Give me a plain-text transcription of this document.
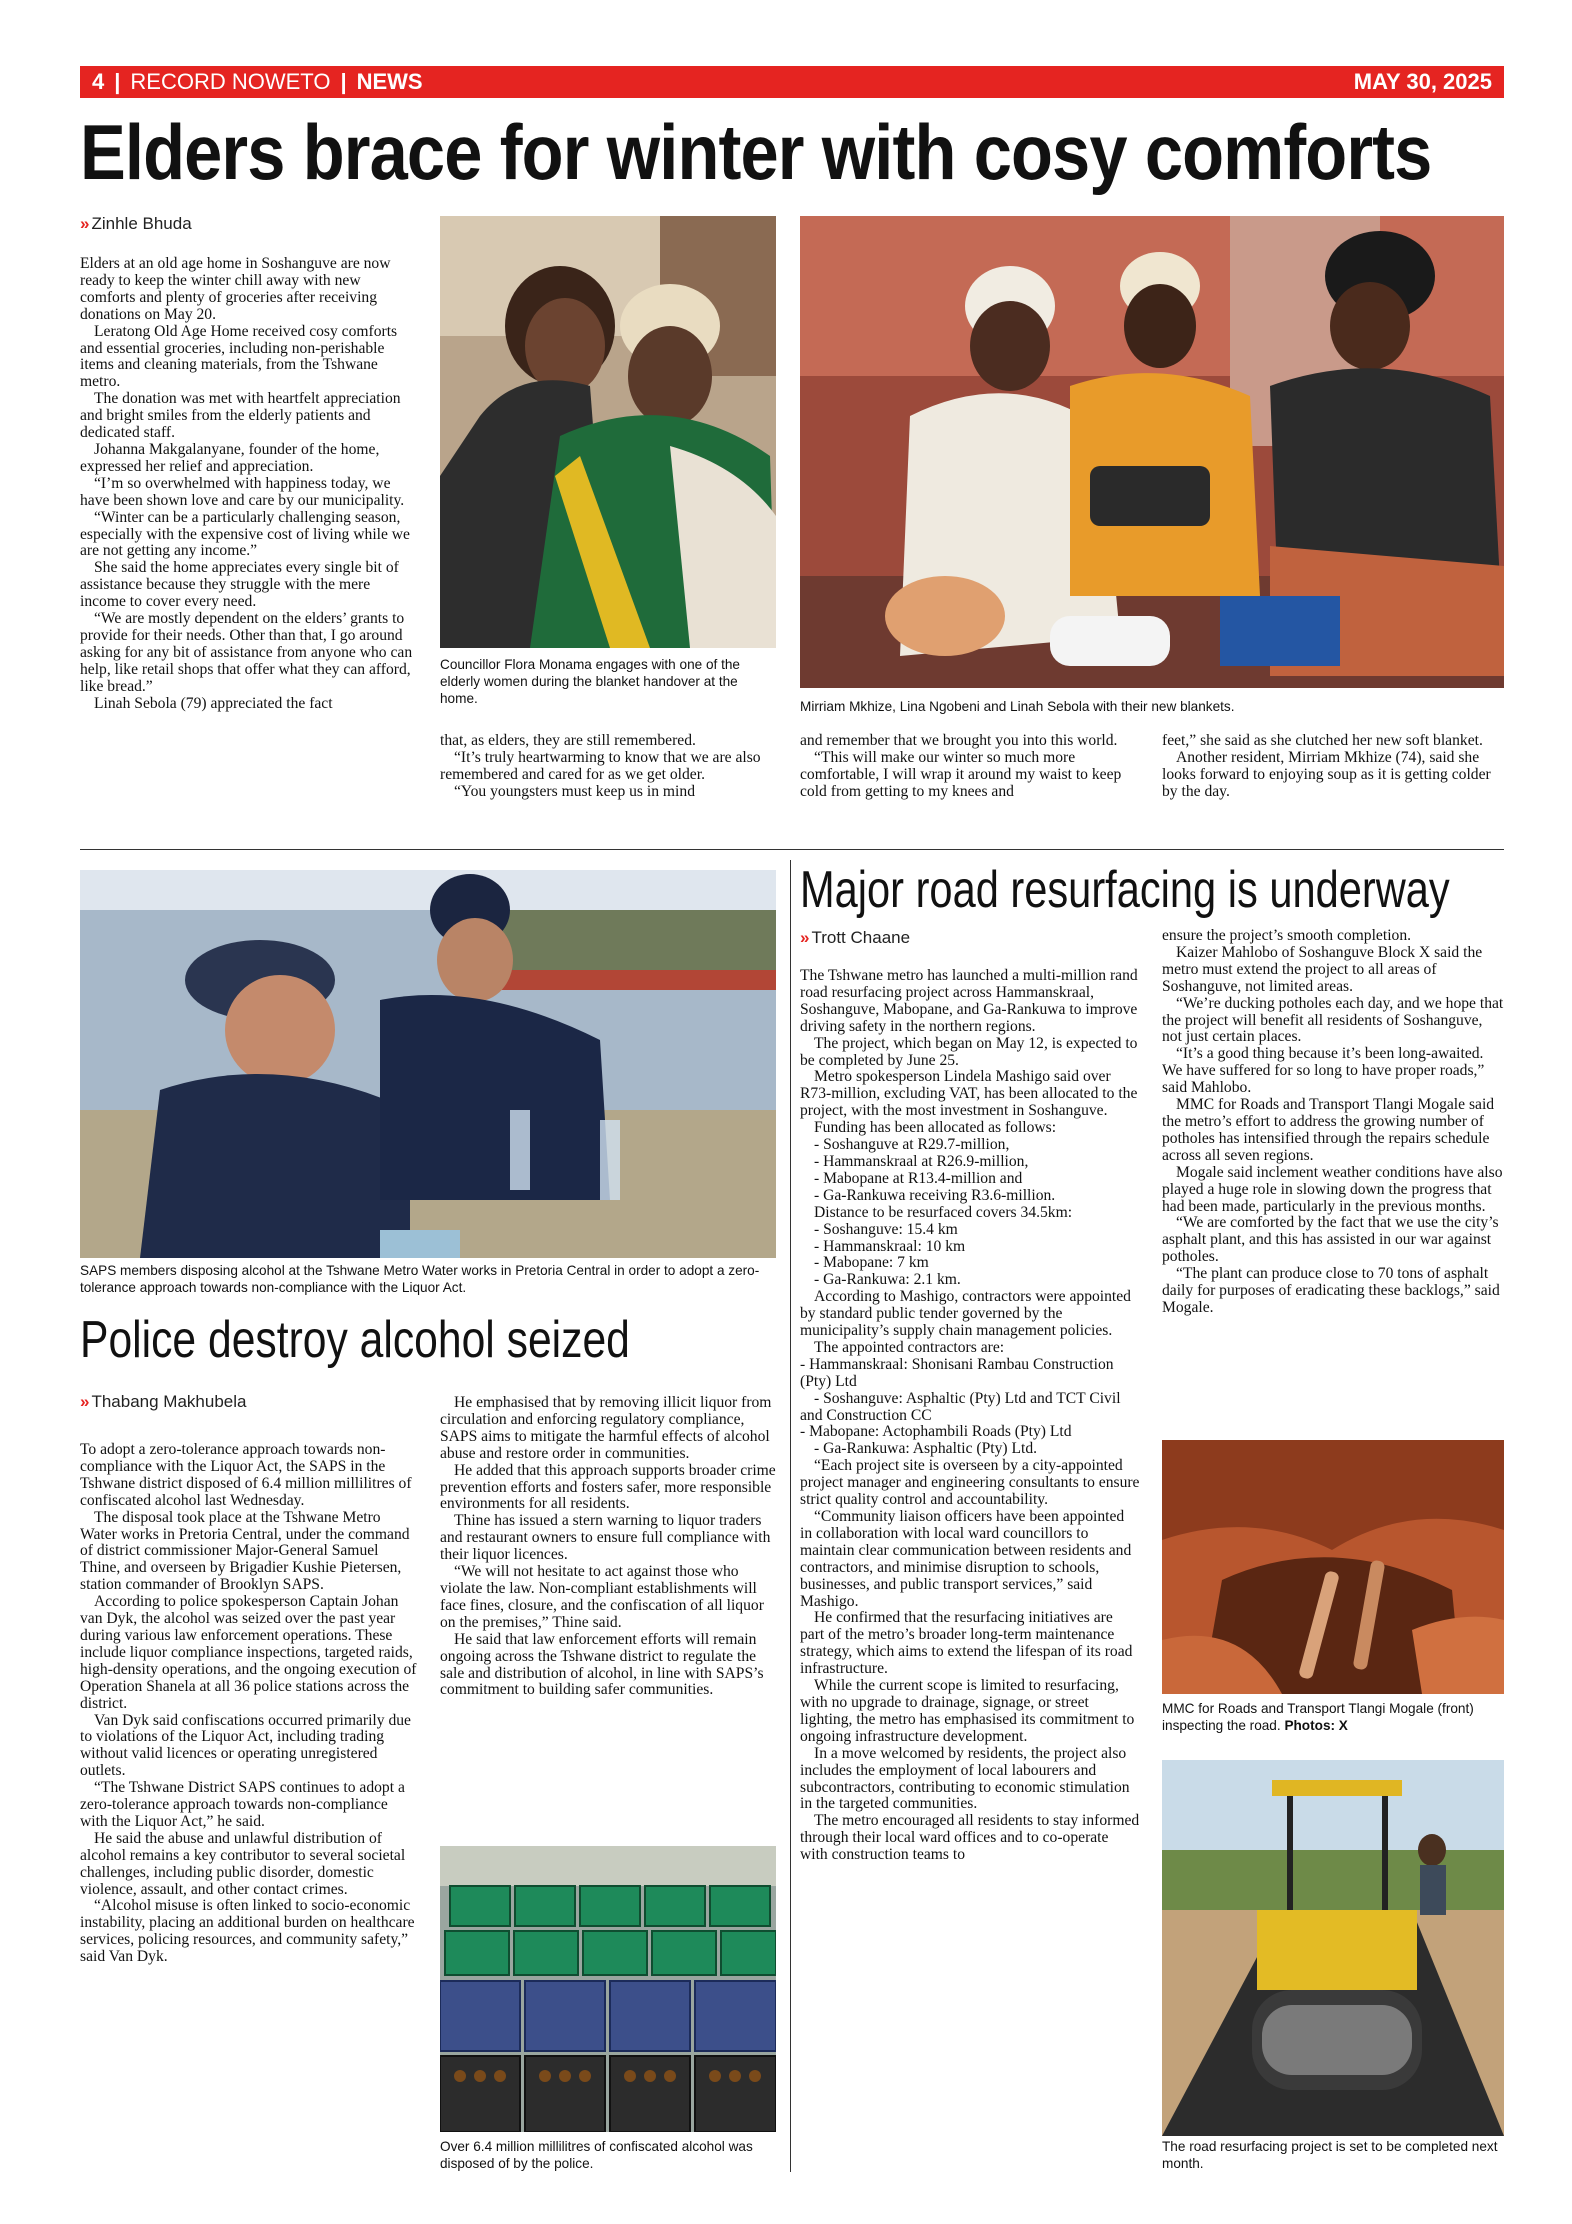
4 | RECORD NOWETO | NEWS	MAY 30, 2025
Elders brace for winter with cosy comforts
» Zinhle Bhuda

Elders at an old age home in Soshanguve are now ready to keep the winter chill away with new comforts and plenty of groceries after receiving donations on May 20.

Leratong Old Age Home received cosy comforts and essential groceries, including non-perishable items and cleaning materials, from the Tshwane metro.

The donation was met with heartfelt appreciation and bright smiles from the elderly patients and dedicated staff.

Johanna Makgalanyane, founder of the home, expressed her relief and appreciation.

“I’m so overwhelmed with happiness today, we have been shown love and care by our municipality.

“Winter can be a particularly challenging season, especially with the expensive cost of living while we are not getting any income.”

She said the home appreciates every single bit of assistance because they struggle with the mere income to cover every need.

“We are mostly dependent on the elders’ grants to provide for their needs. Other than that, I go around asking for any bit of assistance from anyone who can help, like retail shops that offer what they can afford, like bread.”

Linah Sebola (79) appreciated the fact

Councillor Flora Monama engages with one of the elderly women during the blanket handover at the home.
Mirriam Mkhize, Lina Ngobeni and Linah Sebola with their new blankets.

that, as elders, they are still remembered.

“It’s truly heartwarming to know that we are also remembered and cared for as we get older.

“You youngsters must keep us in mind

and remember that we brought you into this world.

“This will make our winter so much more comfortable, I will wrap it around my waist to keep cold from getting to my knees and

feet,” she said as she clutched her new soft blanket.

Another resident, Mirriam Mkhize (74), said she looks forward to enjoying soup as it is getting colder by the day.

SAPS members disposing alcohol at the Tshwane Metro Water works in Pretoria Central in order to adopt a zero-tolerance approach towards non-compliance with the Liquor Act.
Police destroy alcohol seized
» Thabang Makhubela

To adopt a zero-tolerance approach towards non-compliance with the Liquor Act, the SAPS in the Tshwane district disposed of 6.4 million millilitres of confiscated alcohol last Wednesday.

The disposal took place at the Tshwane Metro Water works in Pretoria Central, under the command of district commissioner Major-General Samuel Thine, and overseen by Brigadier Kushie Pietersen, station commander of Brooklyn SAPS.

According to police spokesperson Captain Johan van Dyk, the alcohol was seized over the past year during various law enforcement operations. These include liquor compliance inspections, targeted raids, high-density operations, and the ongoing execution of Operation Shanela at all 36 police stations across the district.

Van Dyk said confiscations occurred primarily due to violations of the Liquor Act, including trading without valid licences or operating unregistered outlets.

“The Tshwane District SAPS continues to adopt a zero-tolerance approach towards non-compliance with the Liquor Act,” he said.

He said the abuse and unlawful distribution of alcohol remains a key contributor to several societal challenges, including public disorder, domestic violence, assault, and other contact crimes.

“Alcohol misuse is often linked to socio-economic instability, placing an additional burden on healthcare services, policing resources, and community safety,” said Van Dyk.

He emphasised that by removing illicit liquor from circulation and enforcing regulatory compliance, SAPS aims to mitigate the harmful effects of alcohol abuse and restore order in communities.

He added that this approach supports broader crime prevention efforts and fosters safer, more responsible environments for all residents.

Thine has issued a stern warning to liquor traders and restaurant owners to ensure full compliance with their liquor licences.

“We will not hesitate to act against those who violate the law. Non-compliant establishments will face fines, closure, and the confiscation of all liquor on the premises,” Thine said.

He said that law enforcement efforts will remain ongoing across the Tshwane district to regulate the sale and distribution of alcohol, in line with SAPS’s commitment to building safer communities.

Over 6.4 million millilitres of confiscated alcohol was disposed of by the police.
Major road resurfacing is underway
» Trott Chaane

The Tshwane metro has launched a multi-million rand road resurfacing project across Hammanskraal, Soshanguve, Mabopane, and Ga-Rankuwa to improve driving safety in the northern regions.

The project, which began on May 12, is expected to be completed by June 25.

Metro spokesperson Lindela Mashigo said over R73-million, excluding VAT, has been allocated to the project, with the most investment in Soshanguve.

Funding has been allocated as follows:

- Soshanguve at R29.7-million,

- Hammanskraal at R26.9-million,

- Mabopane at R13.4-million and

- Ga-Rankuwa receiving R3.6-million.

Distance to be resurfaced covers 34.5km:

- Soshanguve: 15.4 km

- Hammanskraal: 10 km

- Mabopane: 7 km

- Ga-Rankuwa: 2.1 km.

According to Mashigo, contractors were appointed by standard public tender governed by the municipality’s supply chain management policies.

The appointed contractors are:

- Hammanskraal: Shonisani Rambau Construction (Pty) Ltd

- Soshanguve: Asphaltic (Pty) Ltd and TCT Civil and Construction CC

- Mabopane: Actophambili Roads (Pty) Ltd

- Ga-Rankuwa: Asphaltic (Pty) Ltd.

“Each project site is overseen by a city-appointed project manager and engineering consultants to ensure strict quality control and accountability.

“Community liaison officers have been appointed in collaboration with local ward councillors to maintain clear communication between residents and contractors, and minimise disruption to schools, businesses, and public transport services,” said Mashigo.

He confirmed that the resurfacing initiatives are part of the metro’s broader long-term maintenance strategy, which aims to extend the lifespan of its road infrastructure.

While the current scope is limited to resurfacing, with no upgrade to drainage, signage, or street lighting, the metro has emphasised its commitment to ongoing infrastructure development.

In a move welcomed by residents, the project also includes the employment of local labourers and subcontractors, contributing to economic stimulation in the targeted communities.

The metro encouraged all residents to stay informed through their local ward offices and to co-operate with construction teams to

ensure the project’s smooth completion.

Kaizer Mahlobo of Soshanguve Block X said the metro must extend the project to all areas of Soshanguve, not limited areas.

“We’re ducking potholes each day, and we hope that the project will benefit all residents of Soshanguve, not just certain places.

“It’s a good thing because it’s been long-awaited. We have suffered for so long to have proper roads,” said Mahlobo.

MMC for Roads and Transport Tlangi Mogale said the metro’s effort to address the growing number of potholes has intensified through the repairs schedule across all seven regions.

Mogale said inclement weather conditions have also played a huge role in slowing down the progress that had been made, particularly in the previous months.

“We are comforted by the fact that we use the city’s asphalt plant, and this has assisted in our war against potholes.

“The plant can produce close to 70 tons of asphalt daily for purposes of eradicating these backlogs,” said Mogale.

MMC for Roads and Transport Tlangi Mogale (front) inspecting the road. Photos: X
The road resurfacing project is set to be completed next month.
